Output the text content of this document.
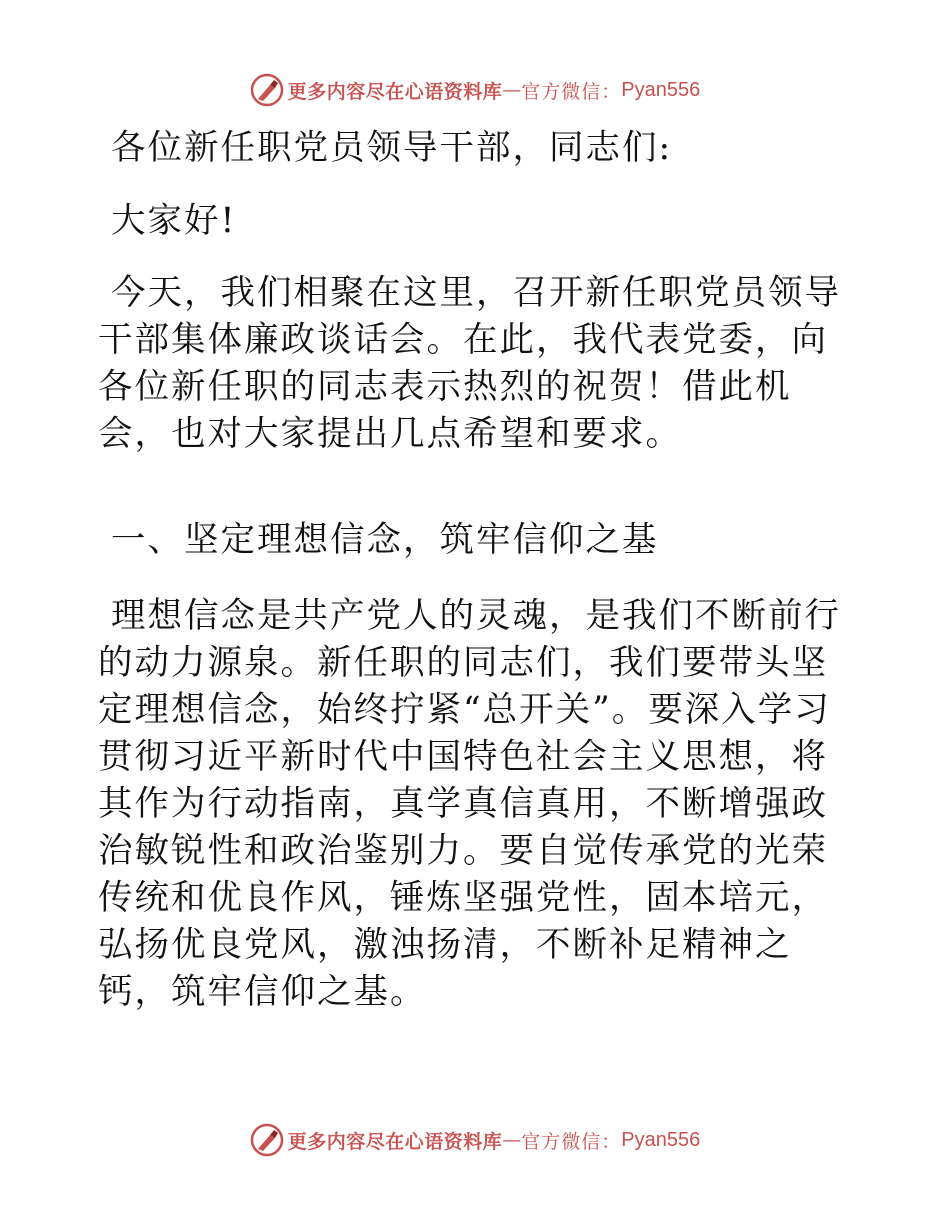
更多内容尽在心语资料库 — 官方微信： Pyan556

各位新任职党员领导干部，同志们:

大家好!

今天，我们相聚在这里，召开新任职党员领导干部集体廉政谈话会。在此，我代表党委，向各位新任职的同志表示热烈的祝贺！借此机会，也对大家提出几点希望和要求。

一、坚定理想信念，筑牢信仰之基

理想信念是共产党人的灵魂，是我们不断前行的动力源泉。新任职的同志们，我们要带头坚定理想信念，始终拧紧“总开关”。要深入学习贯彻习近平新时代中国特色社会主义思想，将其作为行动指南，真学真信真用，不断增强政治敏锐性和政治鉴别力。要自觉传承党的光荣传统和优良作风，锤炼坚强党性，固本培元，弘扬优良党风，激浊扬清，不断补足精神之钙，筑牢信仰之基。

更多内容尽在心语资料库 — 官方微信： Pyan556
